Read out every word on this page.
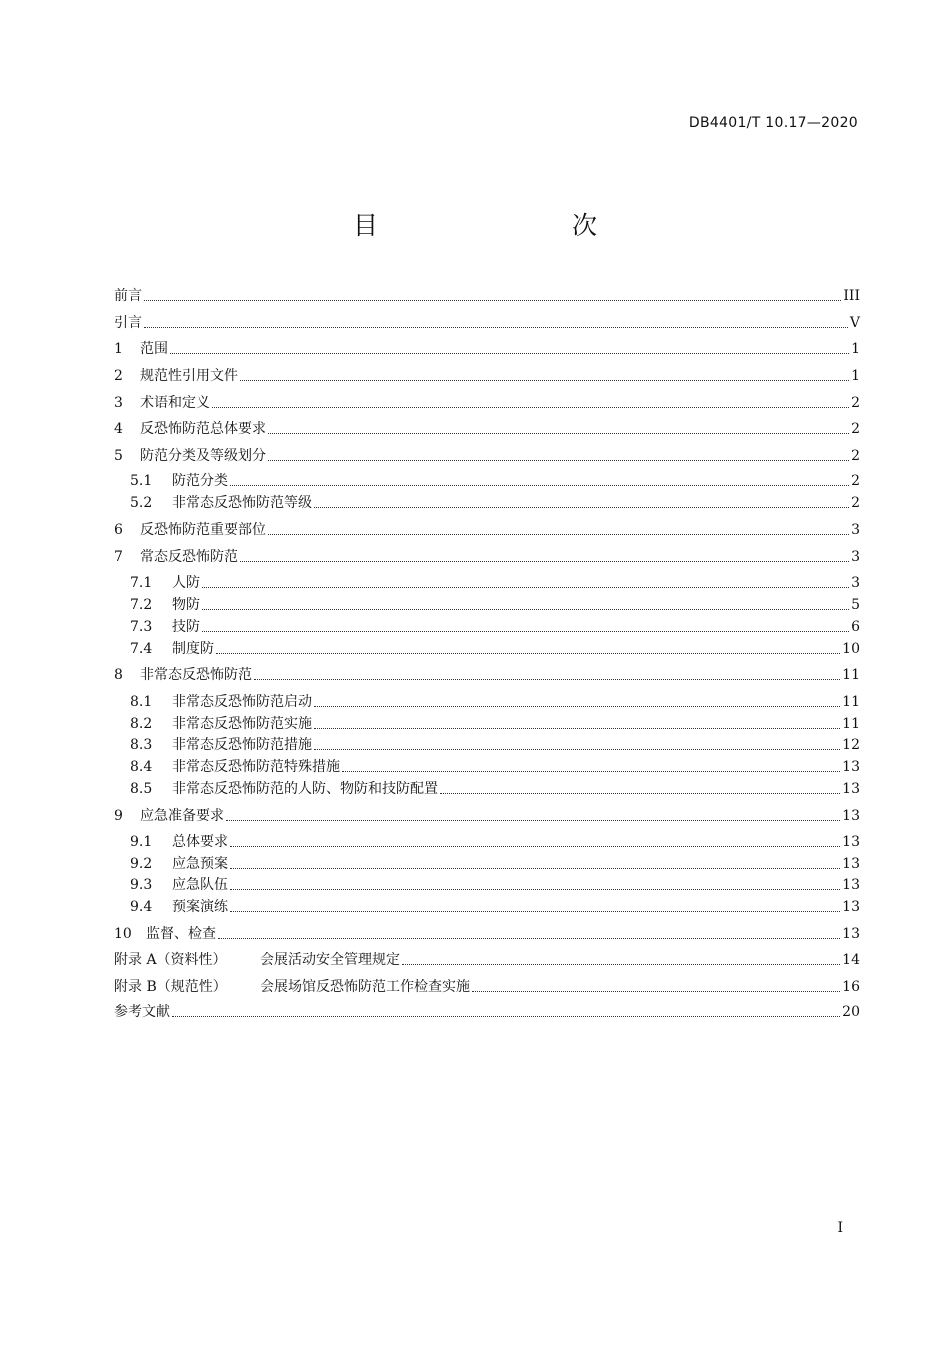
DB4401/T 10.17—2020
目　　次
前言	III
引言	V
1	范围	1
2	规范性引用文件	1
3	术语和定义	2
4	反恐怖防范总体要求	2
5	防范分类及等级划分	2
5.1	防范分类	2
5.2	非常态反恐怖防范等级	2
6	反恐怖防范重要部位	3
7	常态反恐怖防范	3
7.1	人防	3
7.2	物防	5
7.3	技防	6
7.4	制度防	10
8	非常态反恐怖防范	11
8.1	非常态反恐怖防范启动	11
8.2	非常态反恐怖防范实施	11
8.3	非常态反恐怖防范措施	12
8.4	非常态反恐怖防范特殊措施	13
8.5	非常态反恐怖防范的人防、物防和技防配置	13
9	应急准备要求	13
9.1	总体要求	13
9.2	应急预案	13
9.3	应急队伍	13
9.4	预案演练	13
10	监督、检查	13
附录 A（资料性）	会展活动安全管理规定	14
附录 B（规范性）	会展场馆反恐怖防范工作检查实施	16
参考文献	20
I
